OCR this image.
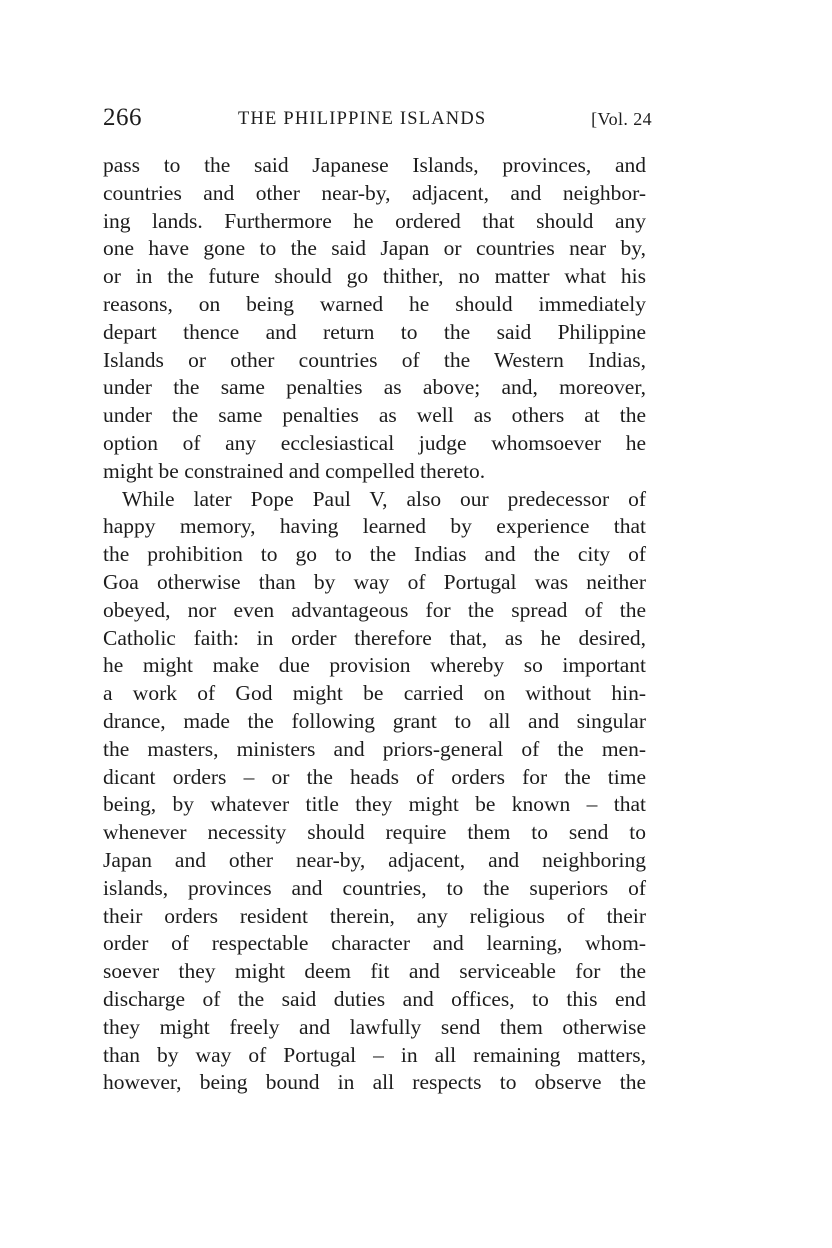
266	THE PHILIPPINE ISLANDS	[Vol. 24
pass to the said Japanese Islands, provinces, and
countries and other near-by, adjacent, and neighbor-
ing lands. Furthermore he ordered that should any
one have gone to the said Japan or countries near by,
or in the future should go thither, no matter what his
reasons, on being warned he should immediately
depart thence and return to the said Philippine
Islands or other countries of the Western Indias,
under the same penalties as above; and, moreover,
under the same penalties as well as others at the
option of any ecclesiastical judge whomsoever he
might be constrained and compelled thereto.
While later Pope Paul V, also our predecessor of
happy memory, having learned by experience that
the prohibition to go to the Indias and the city of
Goa otherwise than by way of Portugal was neither
obeyed, nor even advantageous for the spread of the
Catholic faith: in order therefore that, as he desired,
he might make due provision whereby so important
a work of God might be carried on without hin-
drance, made the following grant to all and singular
the masters, ministers and priors-general of the men-
dicant orders – or the heads of orders for the time
being, by whatever title they might be known – that
whenever necessity should require them to send to
Japan and other near-by, adjacent, and neighboring
islands, provinces and countries, to the superiors of
their orders resident therein, any religious of their
order of respectable character and learning, whom-
soever they might deem fit and serviceable for the
discharge of the said duties and offices, to this end
they might freely and lawfully send them otherwise
than by way of Portugal – in all remaining matters,
however, being bound in all respects to observe the
